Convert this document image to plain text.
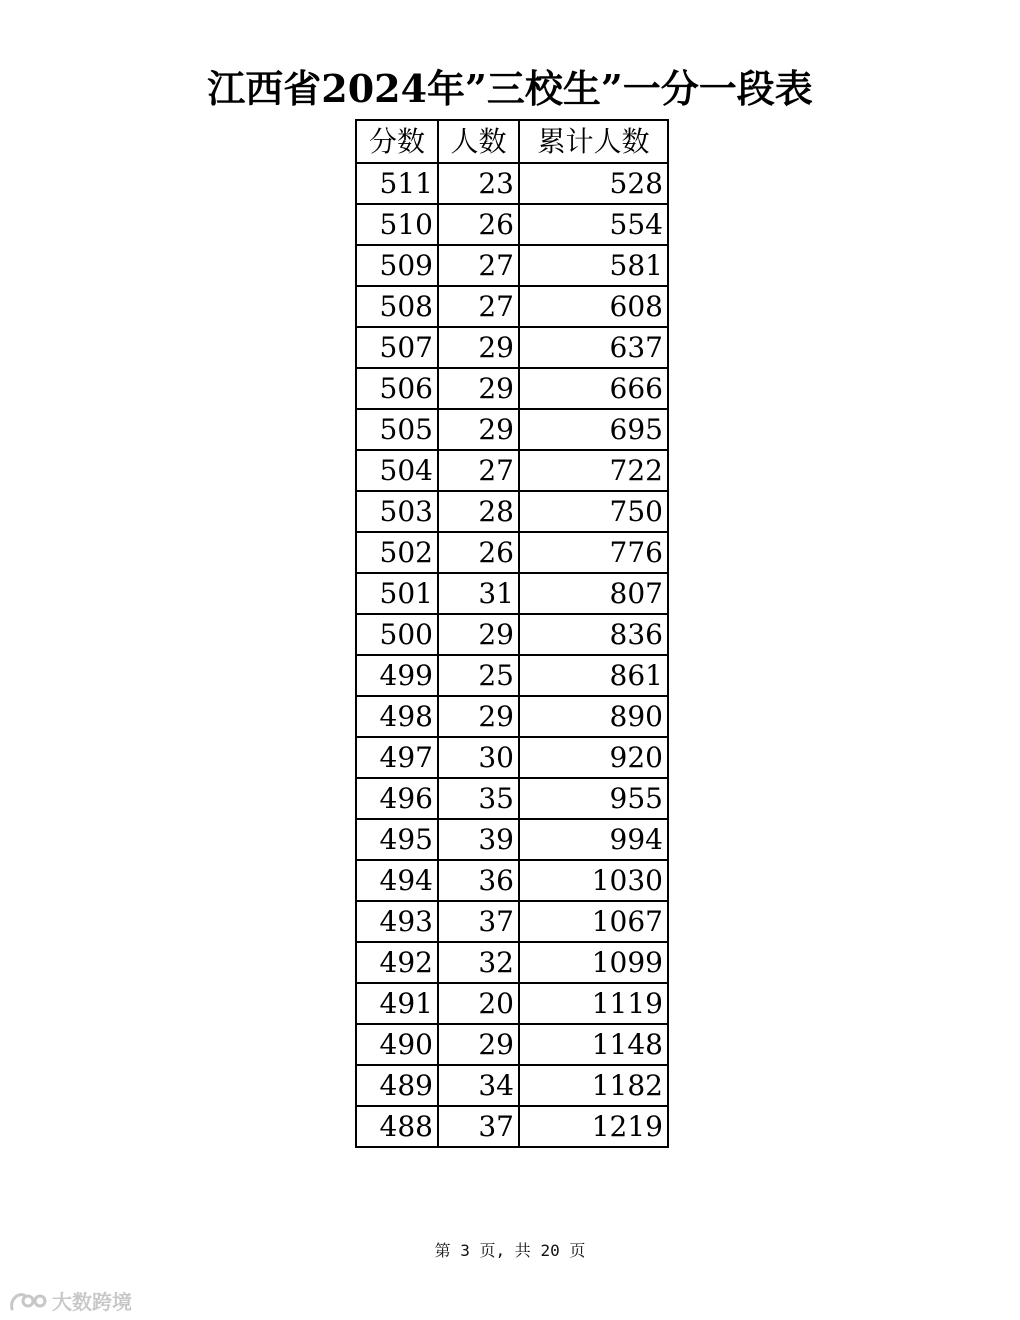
江西省2024年”三校生”一分一段表
分数	人数	累计人数
511	23	528
510	26	554
509	27	581
508	27	608
507	29	637
506	29	666
505	29	695
504	27	722
503	28	750
502	26	776
501	31	807
500	29	836
499	25	861
498	29	890
497	30	920
496	35	955
495	39	994
494	36	1030
493	37	1067
492	32	1099
491	20	1119
490	29	1148
489	34	1182
488	37	1219
第 3 页, 共 20 页
大数跨境
